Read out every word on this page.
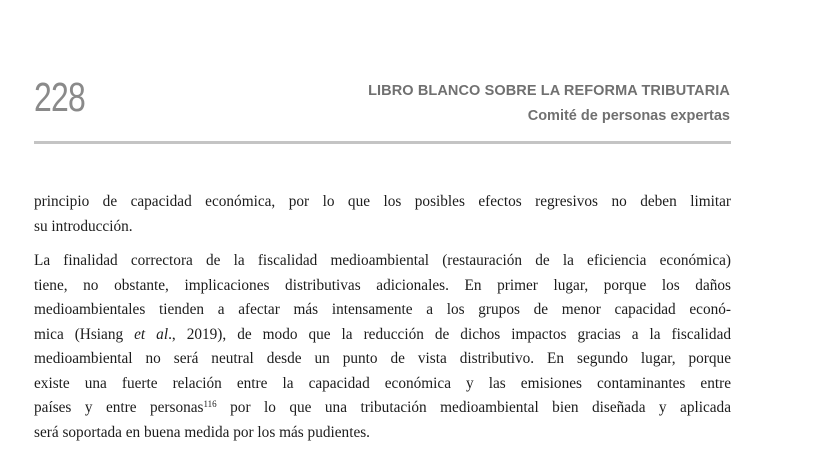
228	LIBRO BLANCO SOBRE LA REFORMA TRIBUTARIA
Comité de personas expertas

principio de capacidad económica, por lo que los posibles efectos regresivos no deben limitar
su introducción.

La finalidad correctora de la fiscalidad medioambiental (restauración de la eficiencia económica)
tiene, no obstante, implicaciones distributivas adicionales. En primer lugar, porque los daños
medioambientales tienden a afectar más intensamente a los grupos de menor capacidad econó-
mica (Hsiang et al., 2019), de modo que la reducción de dichos impactos gracias a la fiscalidad
medioambiental no será neutral desde un punto de vista distributivo. En segundo lugar, porque
existe una fuerte relación entre la capacidad económica y las emisiones contaminantes entre
países y entre personas$^{116}$ por lo que una tributación medioambiental bien diseñada y aplicada
será soportada en buena medida por los más pudientes.
